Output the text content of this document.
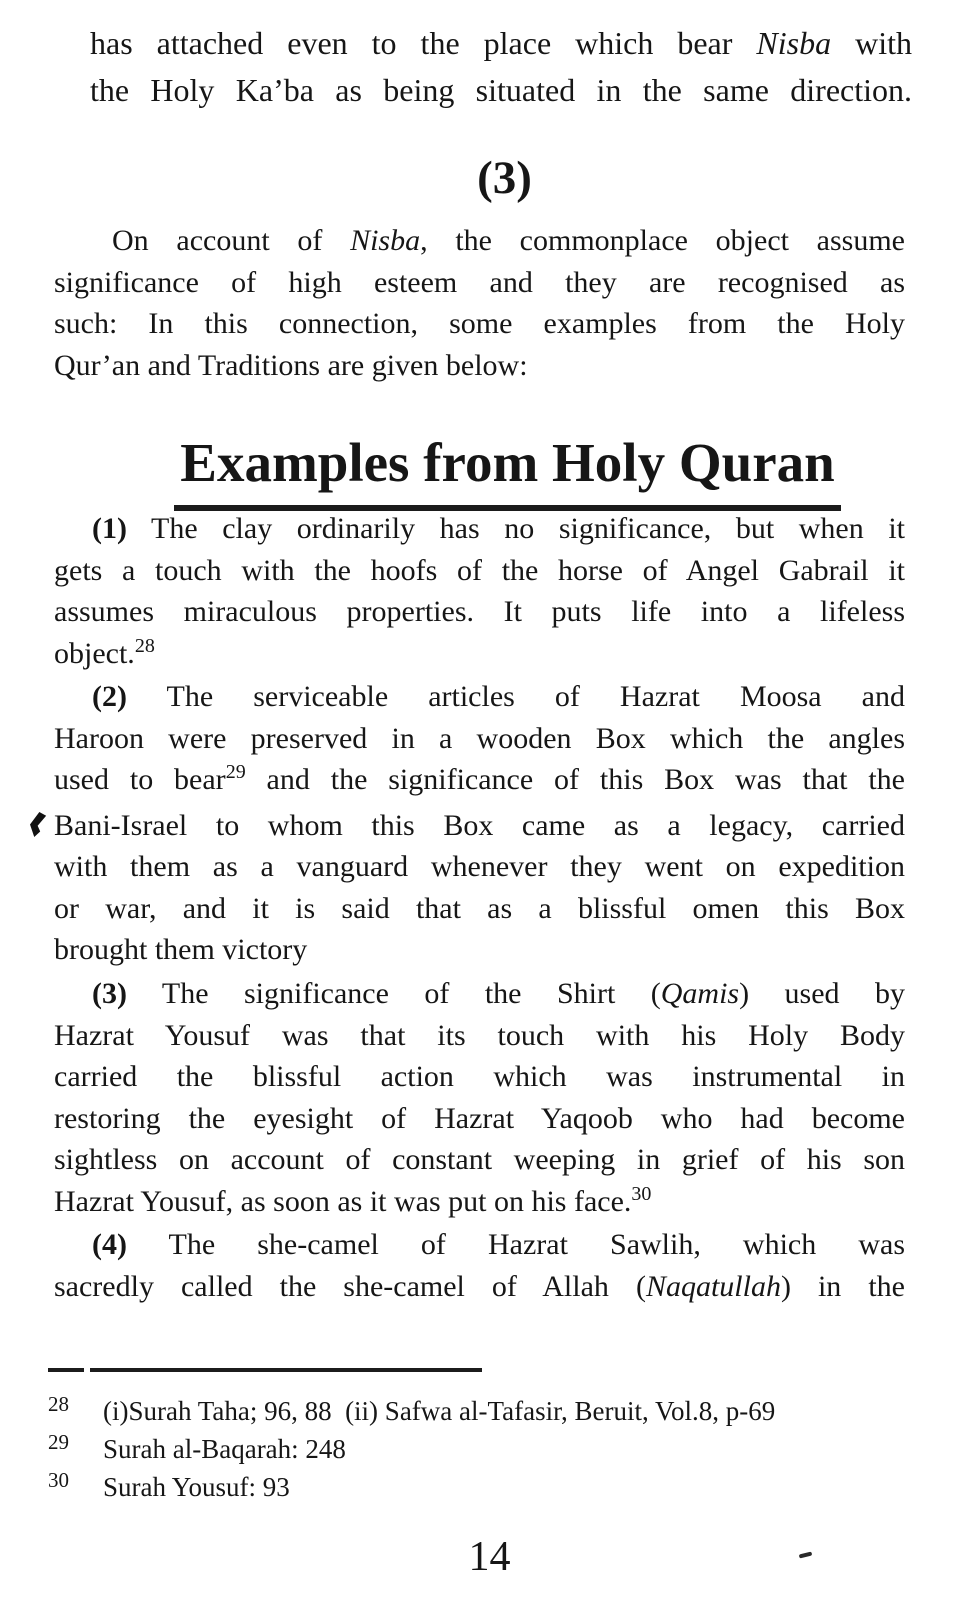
has attached even to the place which bear Nisba with
the Holy Ka’ba as being situated in the same direction.
(3)
On account of Nisba, the commonplace object assume
significance of high esteem and they are recognised as
such: In this connection, some examples from the Holy
Qur’an and Traditions are given below:
Examples from Holy Quran
(1) The clay ordinarily has no significance, but when it
gets a touch with the hoofs of the horse of Angel Gabrail it
assumes miraculous properties. It puts life into a lifeless
object.$^{28}$
(2) The serviceable articles of Hazrat Moosa and
Haroon were preserved in a wooden Box which the angles
used to bear$^{29}$ and the significance of this Box was that the
Bani-Israel to whom this Box came as a legacy, carried
with them as a vanguard whenever they went on expedition
or war, and it is said that as a blissful omen this Box
brought them victory
(3) The significance of the Shirt (Qamis) used by
Hazrat Yousuf was that its touch with his Holy Body
carried the blissful action which was instrumental in
restoring the eyesight of Hazrat Yaqoob who had become
sightless on account of constant weeping in grief of his son
Hazrat Yousuf, as soon as it was put on his face.$^{30}$
(4) The she-camel of Hazrat Sawlih, which was
sacredly called the she-camel of Allah (Naqatullah) in the
28 (i)Surah Taha; 96, 88  (ii) Safwa al-Tafasir, Beruit, Vol.8, p-69
29 Surah al-Baqarah: 248
30 Surah Yousuf: 93
14
